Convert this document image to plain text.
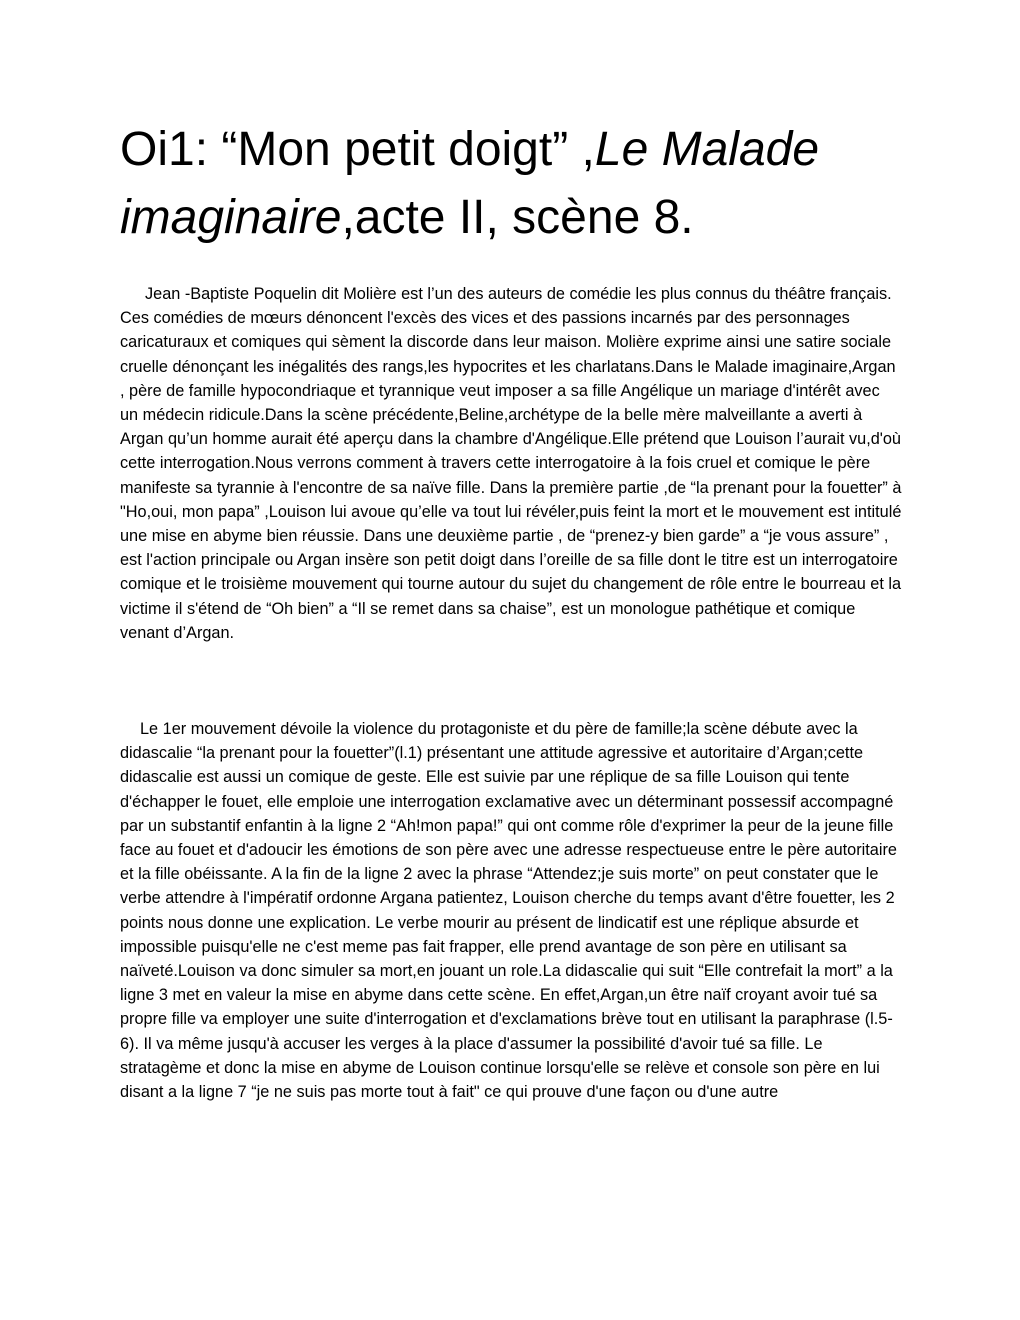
Oi1: “Mon petit doigt” ,Le Malade imaginaire,acte II, scène 8.

Jean -Baptiste Poquelin dit Molière est l’un des auteurs de comédie les plus connus du théâtre français. Ces comédies de mœurs dénoncent l'excès des vices et des passions incarnés par des personnages caricaturaux et comiques qui sèment la discorde dans leur maison. Molière exprime ainsi une satire sociale cruelle dénonçant les inégalités des rangs,les hypocrites et les charlatans.Dans le Malade imaginaire,Argan , père de famille hypocondriaque et tyrannique veut imposer a sa fille Angélique un mariage d'intérêt avec un médecin ridicule.Dans la scène précédente,Beline,archétype de la belle mère malveillante a averti à Argan qu’un homme aurait été aperçu dans la chambre d'Angélique.Elle prétend que Louison l’aurait vu,d'où cette interrogation.Nous verrons comment à travers cette interrogatoire à la fois cruel et comique le père manifeste sa tyrannie à l'encontre de sa naïve fille. Dans la première partie ,de “la prenant pour la fouetter” à "Ho,oui, mon papa” ,Louison lui avoue qu’elle va tout lui révéler,puis feint la mort et le mouvement est intitulé une mise en abyme bien réussie. Dans une deuxième partie , de “prenez-y bien garde” a “je vous assure” , est l'action principale ou Argan insère son petit doigt dans l’oreille de sa fille dont le titre est un interrogatoire comique et le troisième mouvement qui tourne autour du sujet du changement de rôle entre le bourreau et la victime il s'étend de “Oh bien” a “Il se remet dans sa chaise”, est un monologue pathétique et comique venant d’Argan.

Le 1er mouvement dévoile la violence du protagoniste et du père de famille;la scène débute avec la didascalie “la prenant pour la fouetter”(l.1) présentant une attitude agressive et autoritaire d’Argan;cette didascalie est aussi un comique de geste. Elle est suivie par une réplique de sa fille Louison qui tente d'échapper le fouet, elle emploie une interrogation exclamative avec un déterminant possessif accompagné par un substantif enfantin à la ligne 2 “Ah!mon papa!” qui ont comme rôle d'exprimer la peur de la jeune fille face au fouet et d'adoucir les émotions de son père avec une adresse respectueuse entre le père autoritaire et la fille obéissante. A la fin de la ligne 2 avec la phrase “Attendez;je suis morte” on peut constater que le verbe attendre à l'impératif ordonne Argana patientez, Louison cherche du temps avant d'être fouetter, les 2 points nous donne une explication. Le verbe mourir au présent de lindicatif est une réplique absurde et impossible puisqu'elle ne c'est meme pas fait frapper, elle prend avantage de son père en utilisant sa naïveté.Louison va donc simuler sa mort,en jouant un role.La didascalie qui suit “Elle contrefait la mort” a la ligne 3 met en valeur la mise en abyme dans cette scène. En effet,Argan,un être naïf croyant avoir tué sa propre fille va employer une suite d'interrogation et d'exclamations brève tout en utilisant la paraphrase (l.5-6). Il va même jusqu'à accuser les verges à la place d'assumer la possibilité d'avoir tué sa fille. Le stratagème et donc la mise en abyme de Louison continue lorsqu'elle se relève et console son père en lui disant a la ligne 7 “je ne suis pas morte tout à fait" ce qui prouve d'une façon ou d'une autre
